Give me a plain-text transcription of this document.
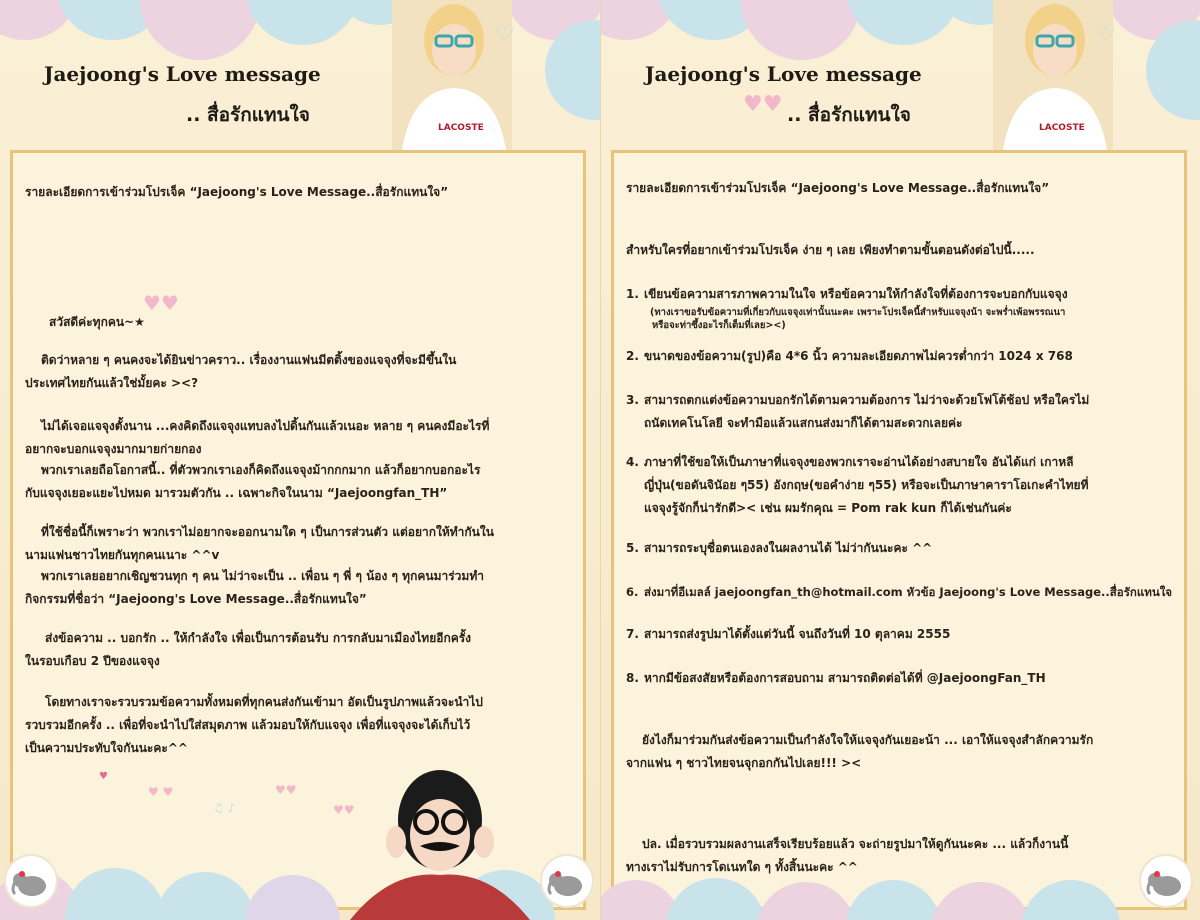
Jaejoong's Love message
.. สื่อรักแทนใจ
LACOSTE
♡
รายละเอียดการเข้าร่วมโปรเจ็ค “Jaejoong's Love Message..สื่อรักแทนใจ”
♥♥
สวัสดีค่ะทุกคน~★
ติดว่าหลาย ๆ คนคงจะได้ยินข่าวคราว.. เรื่องงานแฟนมีตติ้งของแจจุงที่จะมีขึ้นใน
ประเทศไทยกันแล้วใช่มั้ยคะ ><?
ไม่ได้เจอแจจุงตั้งนาน ...คงคิดถึงแจจุงแทบลงไปดิ้นกันแล้วเนอะ หลาย ๆ คนคงมีอะไรที่
อยากจะบอกแจจุงมากมายก่ายกอง
พวกเราเลยถือโอกาสนี้.. ที่ตัวพวกเราเองก็คิดถึงแจจุงม้ากกกมาก แล้วก็อยากบอกอะไร
กับแจจุงเยอะแยะไปหมด มารวมตัวกัน .. เฉพาะกิจในนาม “Jaejoongfan_TH”
ที่ใช้ชื่อนี้ก็เพราะว่า พวกเราไม่อยากจะออกนามใด ๆ เป็นการส่วนตัว แต่อยากให้ทำกันใน
นามแฟนชาวไทยกันทุกคนเนาะ ^^v
พวกเราเลยอยากเชิญชวนทุก ๆ คน ไม่ว่าจะเป็น .. เพื่อน ๆ พี่ ๆ น้อง ๆ ทุกคนมาร่วมทำ
กิจกรรมที่ชื่อว่า “Jaejoong's Love Message..สื่อรักแทนใจ”
ส่งข้อความ .. บอกรัก .. ให้กำลังใจ เพื่อเป็นการต้อนรับ การกลับมาเมืองไทยอีกครั้ง
ในรอบเกือบ 2 ปีของแจจุง
โดยทางเราจะรวบรวมข้อความทั้งหมดที่ทุกคนส่งกันเข้ามา อัดเป็นรูปภาพแล้วจะนำไป
รวบรวมอีกครั้ง .. เพื่อที่จะนำไปใส่สมุดภาพ แล้วมอบให้กับแจจุง เพื่อที่แจจุงจะได้เก็บไว้
เป็นความประทับใจกันนะคะ^^
♥
♥ ♥
♫ ♪
♥♥
♥♥
Jaejoong's Love message
.. สื่อรักแทนใจ
♥♥
LACOSTE
♡
รายละเอียดการเข้าร่วมโปรเจ็ค “Jaejoong's Love Message..สื่อรักแทนใจ”
สำหรับใครที่อยากเข้าร่วมโปรเจ็ค ง่าย ๆ เลย เพียงทำตามขั้นตอนดังต่อไปนี้.....
1. เขียนข้อความสารภาพความในใจ หรือข้อความให้กำลังใจที่ต้องการจะบอกกับแจจุง
(ทางเราขอรับข้อความที่เกี่ยวกับแจจุงเท่านั้นนะคะ เพราะโปรเจ็คนี้สำหรับแจจุงน้า จะพร่ำเพ้อพรรณนา
หรือจะท่าซึ้งอะไรก็เต็มที่เลย><)
2. ขนาดของข้อความ(รูป)คือ 4*6 นิ้ว ความละเอียดภาพไม่ควรต่ำกว่า 1024 x 768
3. สามารถตกแต่งข้อความบอกรักได้ตามความต้องการ ไม่ว่าจะด้วยโฟโต้ช้อป หรือใครไม่
ถนัดเทคโนโลยี จะทำมือแล้วแสกนส่งมาก็ได้ตามสะดวกเลยค่ะ
4. ภาษาที่ใช้ขอให้เป็นภาษาที่แจจุงของพวกเราจะอ่านได้อย่างสบายใจ อันได้แก่ เกาหลี
ญี่ปุ่น(ขอดันจินัอย ๆ55) อังกฤษ(ขอคำง่าย ๆ55) หรือจะเป็นภาษาคาราโอเกะคำไทยที่
แจจุงรู้จักก็น่ารักดี>< เช่น ผมรักคุณ = Pom rak kun ก็ได้เช่นกันค่ะ
5. สามารถระบุชื่อตนเองลงในผลงานได้ ไม่ว่ากันนะคะ ^^
6. ส่งมาที่อีเมลล์ jaejoongfan_th@hotmail.com หัวข้อ Jaejoong's Love Message..สื่อรักแทนใจ
7. สามารถส่งรูปมาได้ตั้งแต่วันนี้ จนถึงวันที่ 10 ตุลาคม 2555
8. หากมีข้อสงสัยหรือต้องการสอบถาม สามารถติดต่อได้ที่ @JaejoongFan_TH
ยังไงก็มาร่วมกันส่งข้อความเป็นกำลังใจให้แจจุงกันเยอะน้า ... เอาให้แจจุงสำลักความรัก
จากแฟน ๆ ชาวไทยจนจุกอกกันไปเลย!!! ><
ปล. เมื่อรวบรวมผลงานเสร็จเรียบร้อยแล้ว จะถ่ายรูปมาให้ดูกันนะคะ ... แล้วก็งานนี้
ทางเราไม่รับการโดเนทใด ๆ ทั้งสิ้นนะคะ ^^
